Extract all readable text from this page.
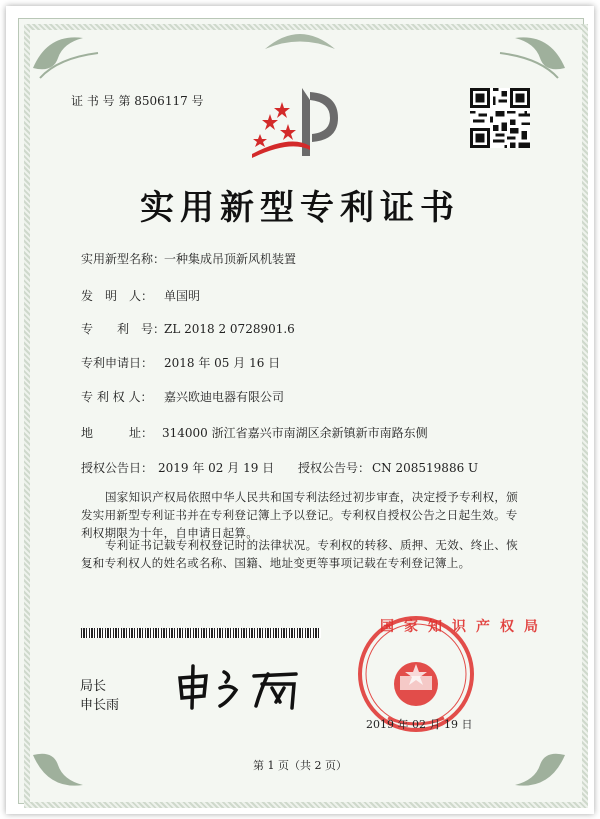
证 书 号 第 8506117 号
实用新型专利证书
实用新型名称：
一种集成吊顶新风机装置
发　明　人： 单国明
专　　利　号：
ZL 2018 2 0728901.6
专利申请日： 2018 年 05 月 16 日
专 利 权 人： 嘉兴欧迪电器有限公司
地　　　址： 314000 浙江省嘉兴市南湖区余新镇新市南路东侧
授权公告日： 2019 年 02 月 19 日 授权公告号： CN 208519886 U
国家知识产权局依照中华人民共和国专利法经过初步审查，决定授予专利权，颁发实用新型专利证书并在专利登记簿上予以登记。专利权自授权公告之日起生效。专利权期限为十年，自申请日起算。
专利证书记载专利权登记时的法律状况。专利权的转移、质押、无效、终止、恢复和专利权人的姓名或名称、国籍、地址变更等事项记载在专利登记簿上。
局长
申长雨
国家知识产权局
2019 年 02 月 19 日
第 1 页（共 2 页）
